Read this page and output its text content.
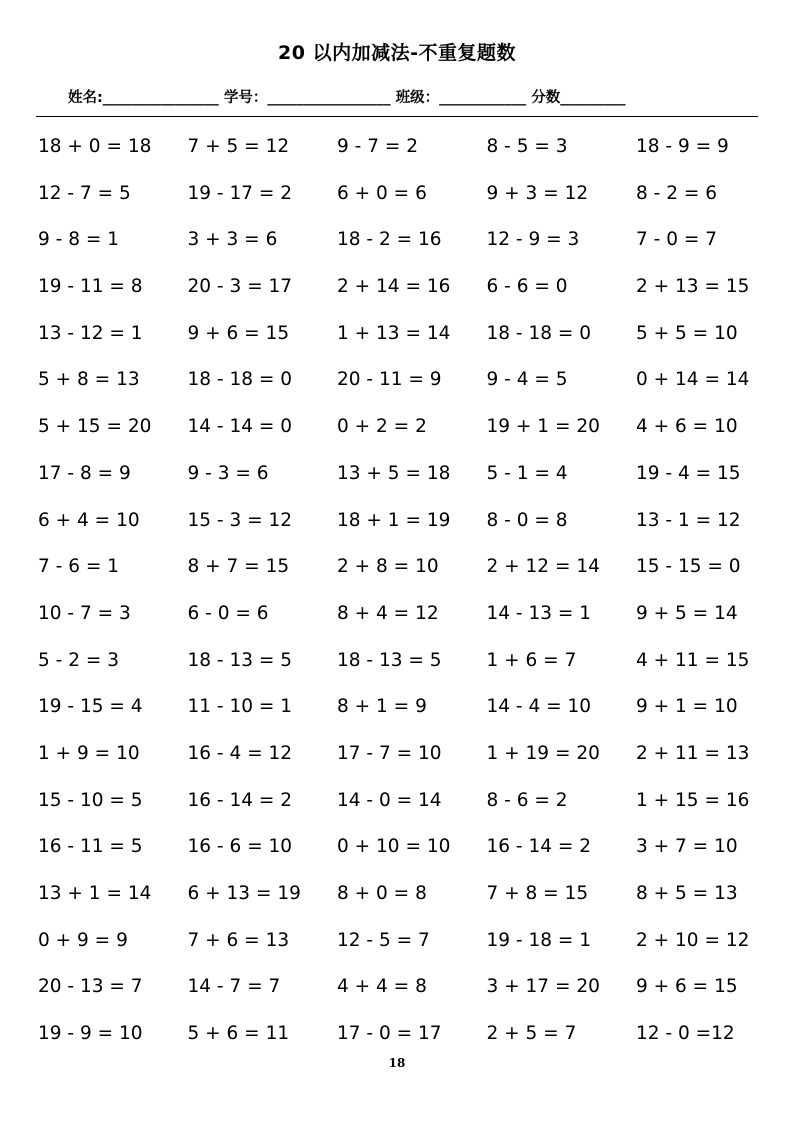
20 以内加减法-不重复题数
姓名:________________ 学号：_________________ 班级：____________ 分数_________
18 + 0 = 18 7 + 5 = 12	9 - 7 = 2	8 - 5 = 3	18 - 9 = 9
12 - 7 = 5	19 - 17 = 2 6 + 0 = 6	9 + 3 = 12	8 - 2 = 6
9 - 8 = 1	3 + 3 = 6	18 - 2 = 16 12 - 9 = 3	7 - 0 = 7
19 - 11 = 8 20 - 3 = 17 2 + 14 = 16 6 - 6 = 0	2 + 13 = 15
13 - 12 = 1 9 + 6 = 15	1 + 13 = 14 18 - 18 = 0 5 + 5 = 10
5 + 8 = 13	18 - 18 = 0 20 - 11 = 9 9 - 4 = 5	0 + 14 = 14
5 + 15 = 20 14 - 14 = 0 0 + 2 = 2	19 + 1 = 20 4 + 6 = 10
17 - 8 = 9	9 - 3 = 6	13 + 5 = 18 5 - 1 = 4	19 - 4 = 15
6 + 4 = 10	15 - 3 = 12 18 + 1 = 19 8 - 0 = 8	13 - 1 = 12
7 - 6 = 1	8 + 7 = 15	2 + 8 = 10	2 + 12 = 14 15 - 15 = 0
10 - 7 = 3	6 - 0 = 6	8 + 4 = 12	14 - 13 = 1 9 + 5 = 14
5 - 2 = 3	18 - 13 = 5 18 - 13 = 5 1 + 6 = 7	4 + 11 = 15
19 - 15 = 4 11 - 10 = 1 8 + 1 = 9	14 - 4 = 10 9 + 1 = 10
1 + 9 = 10	16 - 4 = 12 17 - 7 = 10 1 + 19 = 20 2 + 11 = 13
15 - 10 = 5 16 - 14 = 2 14 - 0 = 14 8 - 6 = 2	1 + 15 = 16
16 - 11 = 5 16 - 6 = 10 0 + 10 = 10 16 - 14 = 2 3 + 7 = 10
13 + 1 = 14 6 + 13 = 19 8 + 0 = 8	7 + 8 = 15	8 + 5 = 13
0 + 9 = 9	7 + 6 = 13	12 - 5 = 7	19 - 18 = 1 2 + 10 = 12
20 - 13 = 7 14 - 7 = 7	4 + 4 = 8	3 + 17 = 20 9 + 6 = 15
19 - 9 = 10 5 + 6 = 11	17 - 0 = 17 2 + 5 = 7	12 - 0 =12
18
